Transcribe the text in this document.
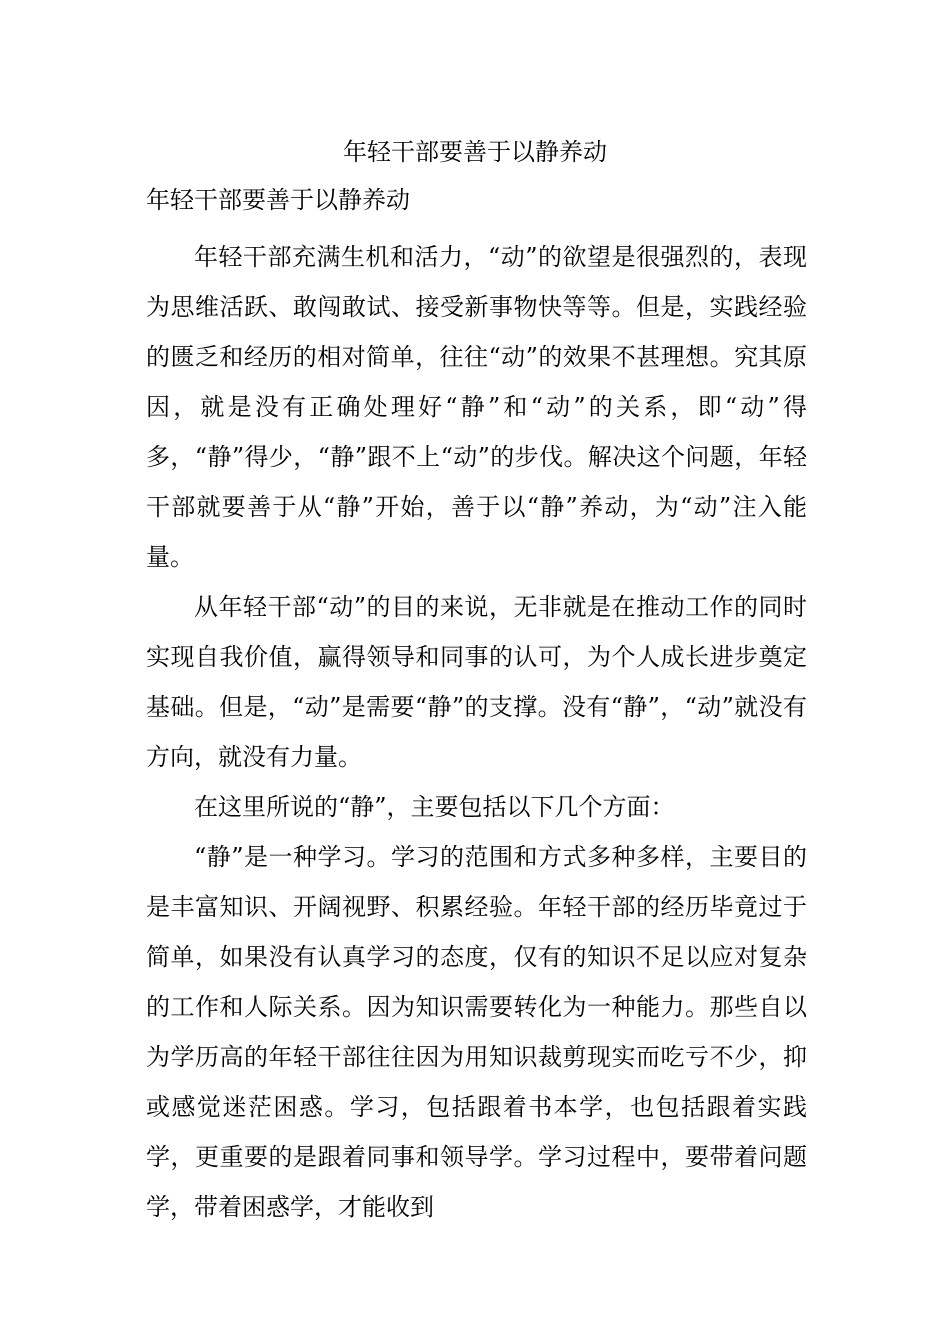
年轻干部要善于以静养动

年轻干部要善于以静养动

年轻干部充满生机和活力，“动”的欲望是很强烈的，表现为思维活跃、敢闯敢试、接受新事物快等等。但是，实践经验的匮乏和经历的相对简单，往往“动”的效果不甚理想。究其原因，就是没有正确处理好“静”和“动”的关系，即“动”得多，“静”得少，“静”跟不上“动”的步伐。解决这个问题，年轻干部就要善于从“静”开始，善于以“静”养动，为“动”注入能量。

从年轻干部“动”的目的来说，无非就是在推动工作的同时实现自我价值，赢得领导和同事的认可，为个人成长进步奠定基础。但是，“动”是需要“静”的支撑。没有“静”，“动”就没有方向，就没有力量。

在这里所说的“静”，主要包括以下几个方面：

“静”是一种学习。学习的范围和方式多种多样，主要目的是丰富知识、开阔视野、积累经验。年轻干部的经历毕竟过于简单，如果没有认真学习的态度，仅有的知识不足以应对复杂的工作和人际关系。因为知识需要转化为一种能力。那些自以为学历高的年轻干部往往因为用知识裁剪现实而吃亏不少，抑或感觉迷茫困惑。学习，包括跟着书本学，也包括跟着实践学，更重要的是跟着同事和领导学。学习过程中，要带着问题学，带着困惑学，才能收到
